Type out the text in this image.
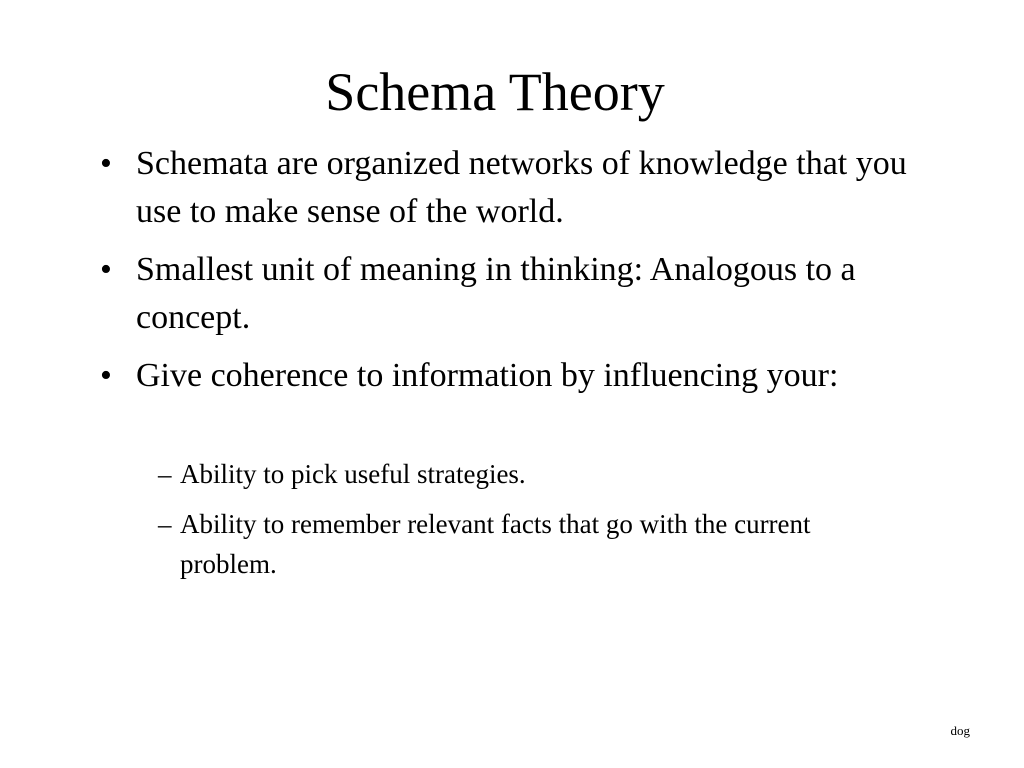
Schema Theory
• Schemata are organized networks of knowledge that you use to make sense of the world.
• Smallest unit of meaning in thinking: Analogous to a concept.
• Give coherence to information by influencing your:
– Ability to pick useful strategies.
– Ability to remember relevant facts that go with the current problem.
dog
